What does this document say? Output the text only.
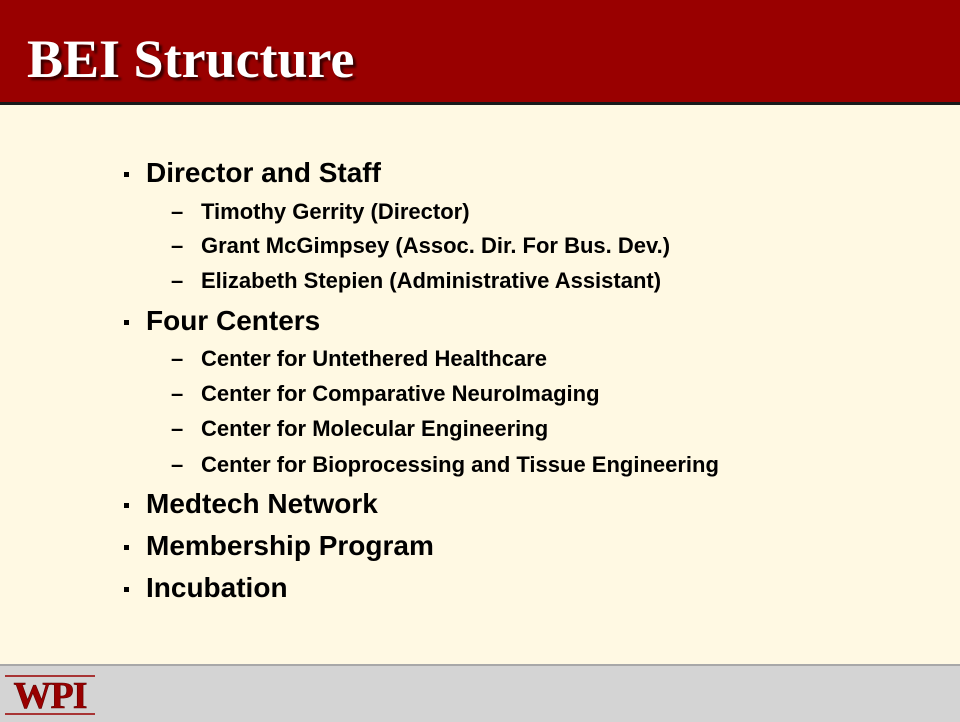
BEI Structure
Director and Staff
– Timothy Gerrity (Director)
– Grant McGimpsey (Assoc. Dir. For Bus. Dev.)
– Elizabeth Stepien (Administrative Assistant)
Four Centers
– Center for Untethered Healthcare
– Center for Comparative NeuroImaging
– Center for Molecular Engineering
– Center for Bioprocessing and Tissue Engineering
Medtech Network
Membership Program
Incubation
WPI
